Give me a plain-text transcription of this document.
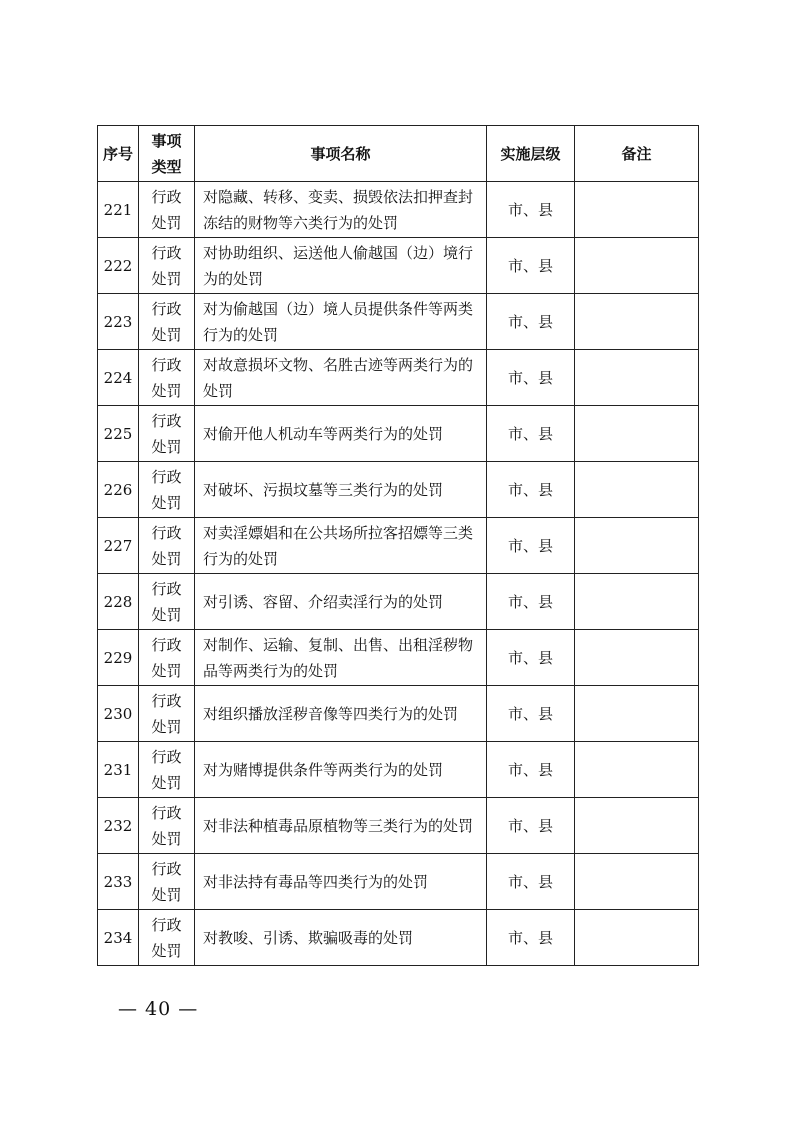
序号	事项类型	事项名称	实施层级	备注
221	行政处罚	对隐藏、转移、变卖、损毁依法扣押查封冻结的财物等六类行为的处罚	市、县	
222	行政处罚	对协助组织、运送他人偷越国（边）境行为的处罚	市、县	
223	行政处罚	对为偷越国（边）境人员提供条件等两类行为的处罚	市、县	
224	行政处罚	对故意损坏文物、名胜古迹等两类行为的处罚	市、县	
225	行政处罚	对偷开他人机动车等两类行为的处罚	市、县	
226	行政处罚	对破坏、污损坟墓等三类行为的处罚	市、县	
227	行政处罚	对卖淫嫖娼和在公共场所拉客招嫖等三类行为的处罚	市、县	
228	行政处罚	对引诱、容留、介绍卖淫行为的处罚	市、县	
229	行政处罚	对制作、运输、复制、出售、出租淫秽物品等两类行为的处罚	市、县	
230	行政处罚	对组织播放淫秽音像等四类行为的处罚	市、县	
231	行政处罚	对为赌博提供条件等两类行为的处罚	市、县	
232	行政处罚	对非法种植毒品原植物等三类行为的处罚	市、县	
233	行政处罚	对非法持有毒品等四类行为的处罚	市、县	
234	行政处罚	对教唆、引诱、欺骗吸毒的处罚	市、县	
— 40 —
